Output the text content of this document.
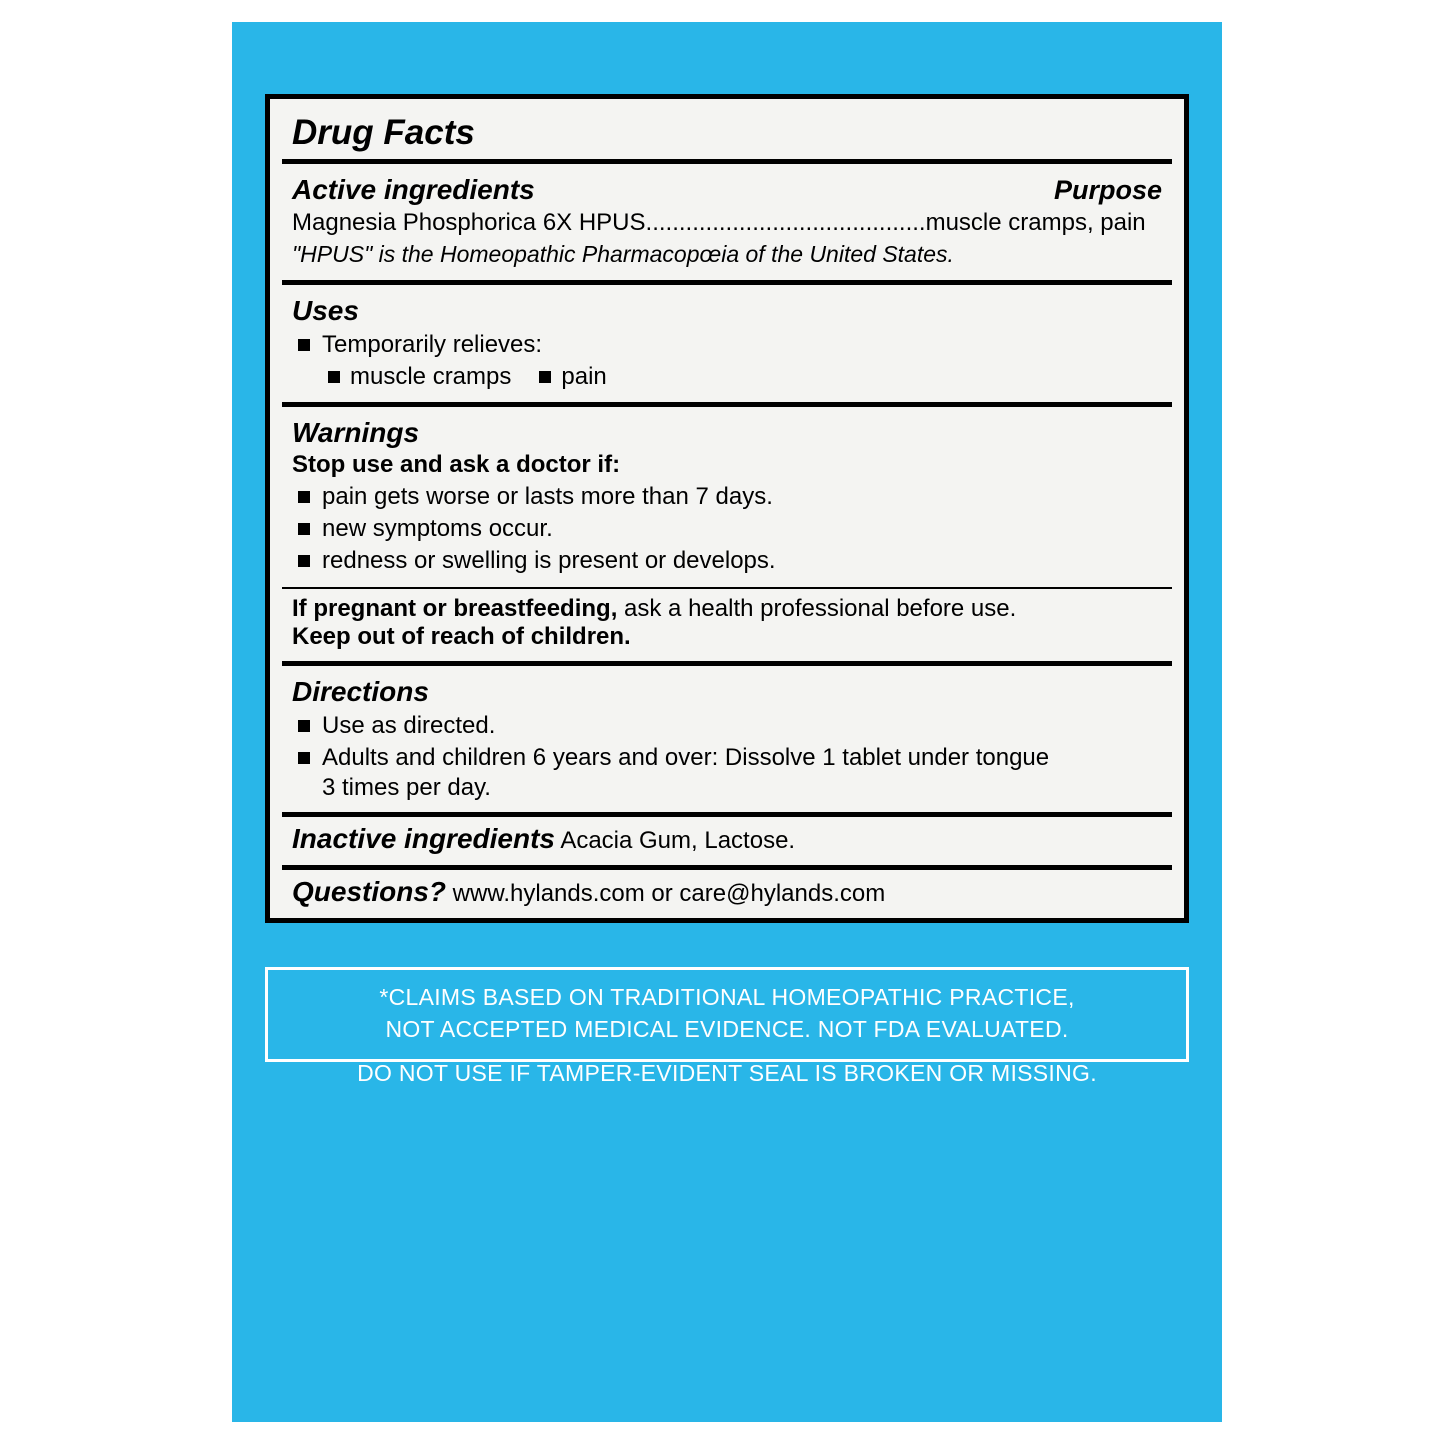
Drug Facts
Active ingredients	Purpose
Magnesia Phosphorica 6X HPUS..........................................muscle cramps, pain
"HPUS" is the Homeopathic Pharmacopœia of the United States.
Uses
Temporarily relieves:
muscle cramps	pain
Warnings
Stop use and ask a doctor if:
pain gets worse or lasts more than 7 days.
new symptoms occur.
redness or swelling is present or develops.
If pregnant or breastfeeding, ask a health professional before use.
Keep out of reach of children.
Directions
Use as directed.
Adults and children 6 years and over: Dissolve 1 tablet under tongue
3 times per day.
Inactive ingredients Acacia Gum, Lactose.
Questions? www.hylands.com or care@hylands.com
*CLAIMS BASED ON TRADITIONAL HOMEOPATHIC PRACTICE,
NOT ACCEPTED MEDICAL EVIDENCE. NOT FDA EVALUATED.
DO NOT USE IF TAMPER-EVIDENT SEAL IS BROKEN OR MISSING.
